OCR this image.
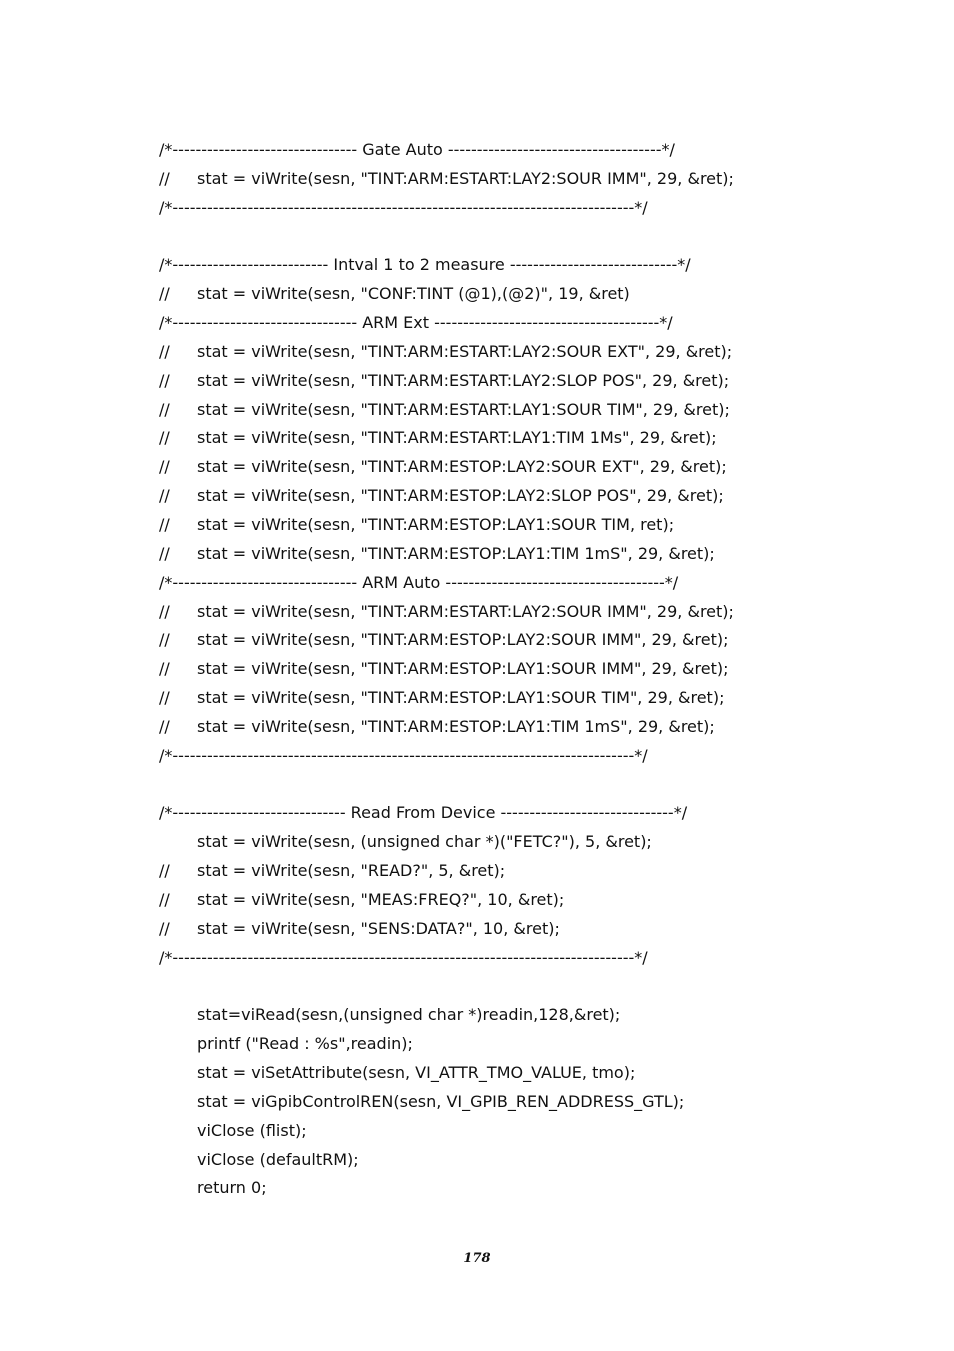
/*-------------------------------- Gate Auto -------------------------------------*/
// stat = viWrite(sesn, "TINT:ARM:ESTART:LAY2:SOUR IMM", 29, &ret);
/*--------------------------------------------------------------------------------*/
/*--------------------------- Intval 1 to 2 measure -----------------------------*/
// stat = viWrite(sesn, "CONF:TINT (@1),(@2)", 19, &ret)
/*-------------------------------- ARM Ext ---------------------------------------*/
// stat = viWrite(sesn, "TINT:ARM:ESTART:LAY2:SOUR EXT", 29, &ret);
// stat = viWrite(sesn, "TINT:ARM:ESTART:LAY2:SLOP POS", 29, &ret);
// stat = viWrite(sesn, "TINT:ARM:ESTART:LAY1:SOUR TIM", 29, &ret);
// stat = viWrite(sesn, "TINT:ARM:ESTART:LAY1:TIM 1Ms", 29, &ret);
// stat = viWrite(sesn, "TINT:ARM:ESTOP:LAY2:SOUR EXT", 29, &ret);
// stat = viWrite(sesn, "TINT:ARM:ESTOP:LAY2:SLOP POS", 29, &ret);
// stat = viWrite(sesn, "TINT:ARM:ESTOP:LAY1:SOUR TIM, ret);
// stat = viWrite(sesn, "TINT:ARM:ESTOP:LAY1:TIM 1mS", 29, &ret);
/*-------------------------------- ARM Auto --------------------------------------*/
// stat = viWrite(sesn, "TINT:ARM:ESTART:LAY2:SOUR IMM", 29, &ret);
// stat = viWrite(sesn, "TINT:ARM:ESTOP:LAY2:SOUR IMM", 29, &ret);
// stat = viWrite(sesn, "TINT:ARM:ESTOP:LAY1:SOUR IMM", 29, &ret);
// stat = viWrite(sesn, "TINT:ARM:ESTOP:LAY1:SOUR TIM", 29, &ret);
// stat = viWrite(sesn, "TINT:ARM:ESTOP:LAY1:TIM 1mS", 29, &ret);
/*--------------------------------------------------------------------------------*/
/*------------------------------ Read From Device ------------------------------*/
stat = viWrite(sesn, (unsigned char *)("FETC?"), 5, &ret);
// stat = viWrite(sesn, "READ?", 5, &ret);
// stat = viWrite(sesn, "MEAS:FREQ?", 10, &ret);
// stat = viWrite(sesn, "SENS:DATA?", 10, &ret);
/*--------------------------------------------------------------------------------*/
stat=viRead(sesn,(unsigned char *)readin,128,&ret);
printf ("Read : %s",readin);
stat = viSetAttribute(sesn, VI_ATTR_TMO_VALUE, tmo);
stat = viGpibControlREN(sesn, VI_GPIB_REN_ADDRESS_GTL);
viClose (flist);
viClose (defaultRM);
return 0;
178
